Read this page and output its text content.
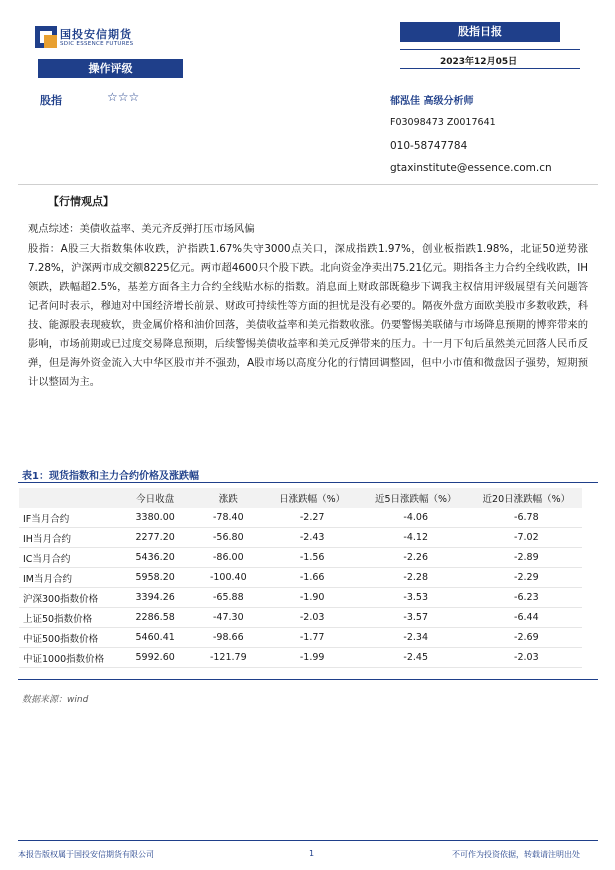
国投安信期货
SDIC ESSENCE FUTURES
股指日报
2023年12月05日
操作评级
股指	☆☆☆	郁泓佳 高级分析师
F03098473 Z0017641
010-58747784
gtaxinstitute@essence.com.cn
【行情观点】
观点综述：美债收益率、美元齐反弹打压市场风偏
股指：A股三大指数集体收跌，沪指跌1.67%失守3000点关口，深成指跌1.97%，创业板指跌1.98%，北证50逆势涨7.28%，沪深两市成交额8225亿元。两市超4600只个股下跌。北向资金净卖出75.21亿元。期指各主力合约全线收跌，IH领跌，跌幅超2.5%，基差方面各主力合约全线贴水标的指数。消息面上财政部既稳步下调我主权信用评级展望有关问题答记者问时表示，穆迪对中国经济增长前景、财政可持续性等方面的担忧是没有必要的。隔夜外盘方面欧美股市多数收跌，科技、能源股表现疲软，贵金属价格和油价回落，美债收益率和美元指数收涨。仍要警惕美联储与市场降息预期的博弈带来的影响，市场前期或已过度交易降息预期，后续警惕美债收益率和美元反弹带来的压力。十一月下旬后虽然美元回落人民币反弹，但是海外资金流入大中华区股市并不强劲，A股市场以高度分化的行情回调整固，但中小市值和微盘因子强势，短期预计以整固为主。
表1：现货指数和主力合约价格及涨跌幅
	今日收盘	涨跌	日涨跌幅（%）	近5日涨跌幅（%）	近20日涨跌幅（%）
IF当月合约	3380.00	-78.40	-2.27	-4.06	-6.78
IH当月合约	2277.20	-56.80	-2.43	-4.12	-7.02
IC当月合约	5436.20	-86.00	-1.56	-2.26	-2.89
IM当月合约	5958.20	-100.40	-1.66	-2.28	-2.29
沪深300指数价格	3394.26	-65.88	-1.90	-3.53	-6.23
上证50指数价格	2286.58	-47.30	-2.03	-3.57	-6.44
中证500指数价格	5460.41	-98.66	-1.77	-2.34	-2.69
中证1000指数价格	5992.60	-121.79	-1.99	-2.45	-2.03
数据来源：wind
本报告版权属于国投安信期货有限公司	1	不可作为投资依据，转载请注明出处
